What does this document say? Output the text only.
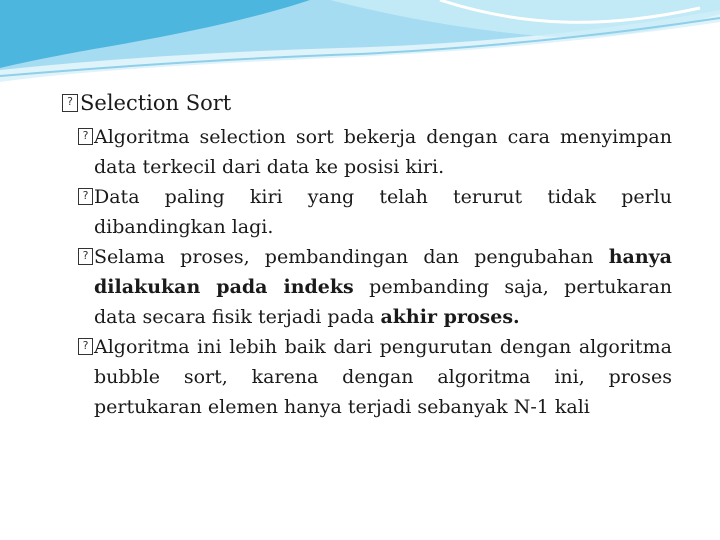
?Selection Sort
?
Algoritma selection sort bekerja dengan cara menyimpan data terkecil dari data ke posisi kiri.
?
Data paling kiri yang telah terurut tidak perlu dibandingkan lagi.
?
Selama proses, pembandingan dan pengubahan hanya dilakukan pada indeks pembanding saja, pertukaran data secara fisik terjadi pada akhir proses.
?
Algoritma ini lebih baik dari pengurutan dengan algoritma bubble sort, karena dengan algoritma ini, proses pertukaran elemen hanya terjadi sebanyak N-1 kali
